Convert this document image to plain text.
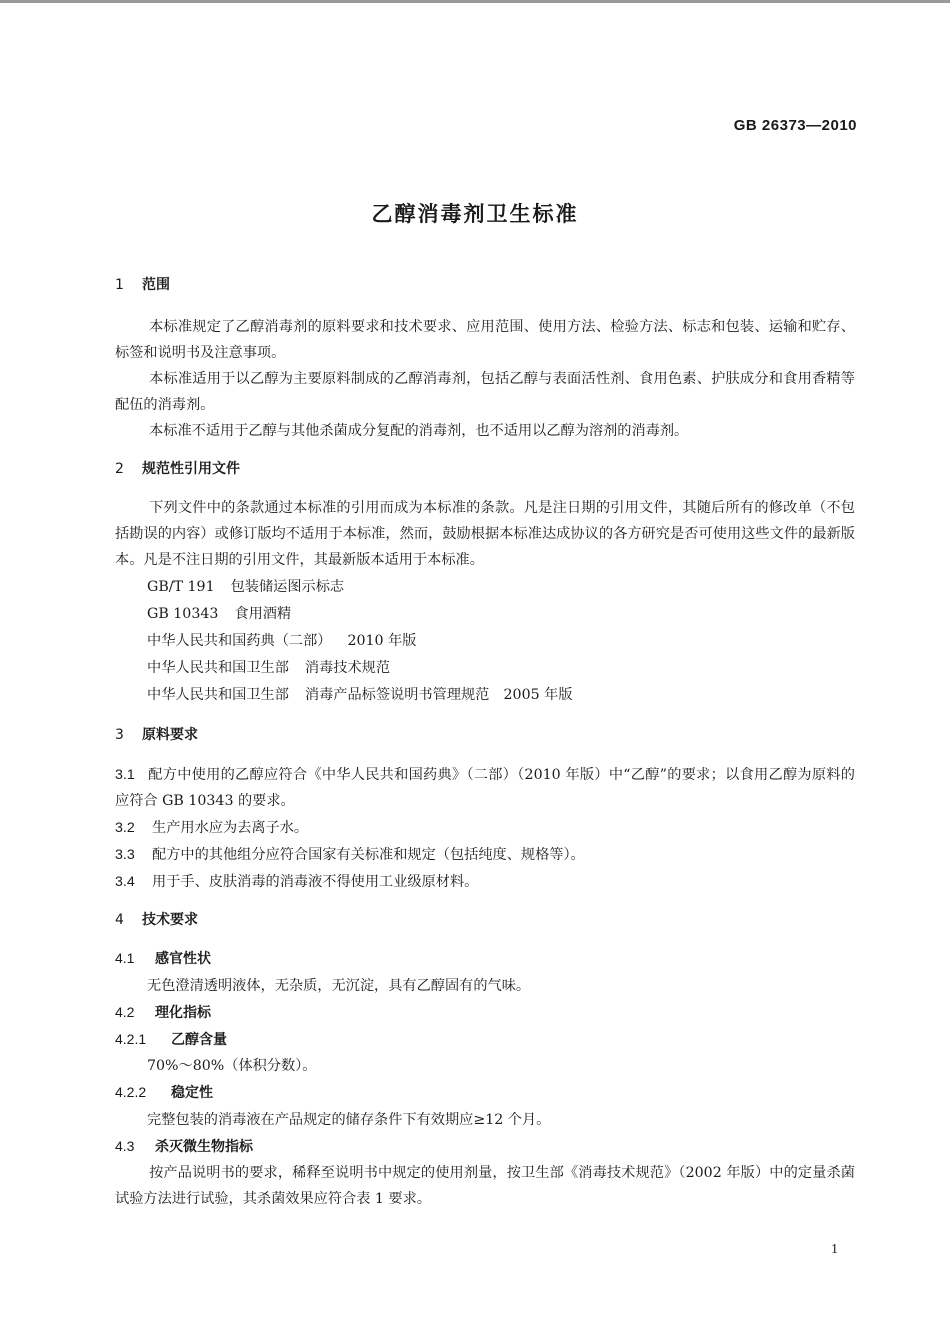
GB 26373—2010
乙醇消毒剂卫生标准
1 范围
本标准规定了乙醇消毒剂的原料要求和技术要求、应用范围、使用方法、检验方法、标志和包装、运输和贮存、标签和说明书及注意事项。
本标准适用于以乙醇为主要原料制成的乙醇消毒剂，包括乙醇与表面活性剂、食用色素、护肤成分和食用香精等配伍的消毒剂。
本标准不适用于乙醇与其他杀菌成分复配的消毒剂，也不适用以乙醇为溶剂的消毒剂。
2 规范性引用文件
下列文件中的条款通过本标准的引用而成为本标准的条款。凡是注日期的引用文件，其随后所有的修改单（不包括勘误的内容）或修订版均不适用于本标准，然而，鼓励根据本标准达成协议的各方研究是否可使用这些文件的最新版本。凡是不注日期的引用文件，其最新版本适用于本标准。
GB/T 191 包装储运图示标志
GB 10343 食用酒精
中华人民共和国药典（二部） 2010 年版
中华人民共和国卫生部 消毒技术规范
中华人民共和国卫生部 消毒产品标签说明书管理规范　2005 年版
3 原料要求
3.1 配方中使用的乙醇应符合《中华人民共和国药典》（二部）（2010 年版）中“乙醇”的要求；以食用乙醇为原料的应符合 GB 10343 的要求。
3.2 生产用水应为去离子水。
3.3 配方中的其他组分应符合国家有关标准和规定（包括纯度、规格等）。
3.4 用于手、皮肤消毒的消毒液不得使用工业级原材料。
4 技术要求
4.1 感官性状
无色澄清透明液体，无杂质，无沉淀，具有乙醇固有的气味。
4.2 理化指标
4.2.1 乙醇含量
70%～80%（体积分数）。
4.2.2 稳定性
完整包装的消毒液在产品规定的储存条件下有效期应≥12 个月。
4.3 杀灭微生物指标
按产品说明书的要求，稀释至说明书中规定的使用剂量，按卫生部《消毒技术规范》（2002 年版）中的定量杀菌试验方法进行试验，其杀菌效果应符合表 1 要求。
1
